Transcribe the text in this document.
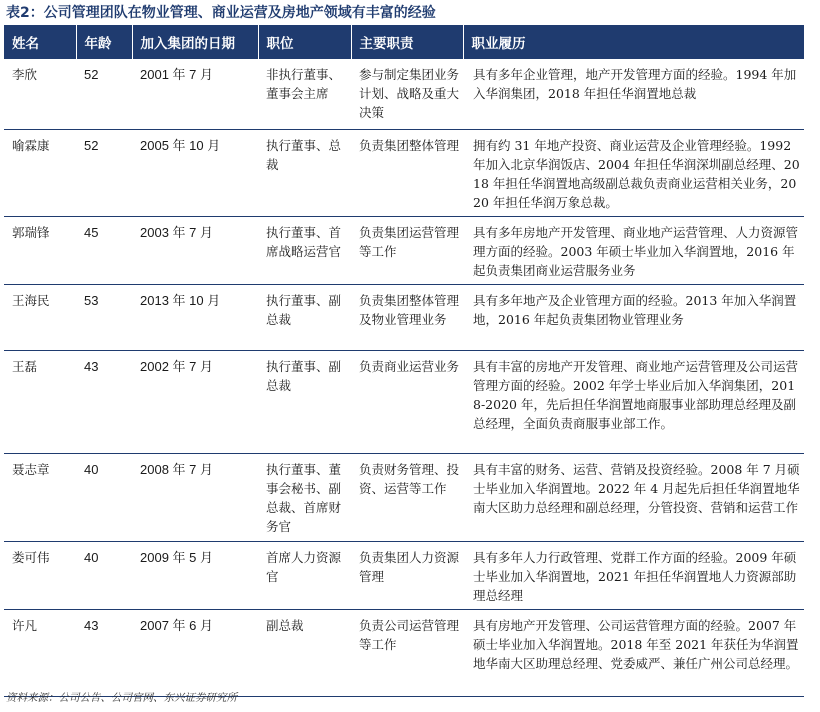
表2：公司管理团队在物业管理、商业运营及房地产领域有丰富的经验
姓名	年龄	加入集团的日期	职位	主要职责	职业履历
李欣	52	2001 年 7 月	非执行董事、董事会主席	参与制定集团业务计划、战略及重大决策	具有多年企业管理，地产开发管理方面的经验。1994 年加入华润集团，2018 年担任华润置地总裁
喻霖康	52	2005 年 10 月	执行董事、总裁	负责集团整体管理	拥有约 31 年地产投资、商业运营及企业管理经验。1992 年加入北京华润饭店、2004 年担任华润深圳副总经理、2018 年担任华润置地高级副总裁负责商业运营相关业务，2020 年担任华润万象总裁。
郭瑞锋	45	2003 年 7 月	执行董事、首席战略运营官	负责集团运营管理等工作	具有多年房地产开发管理、商业地产运营管理、人力资源管理方面的经验。2003 年硕士毕业加入华润置地，2016 年起负责集团商业运营服务业务
王海民	53	2013 年 10 月	执行董事、副总裁	负责集团整体管理及物业管理业务	具有多年地产及企业管理方面的经验。2013 年加入华润置地，2016 年起负责集团物业管理业务
王磊	43	2002 年 7 月	执行董事、副总裁	负责商业运营业务	具有丰富的房地产开发管理、商业地产运营管理及公司运营管理方面的经验。2002 年学士毕业后加入华润集团，2018-2020 年，先后担任华润置地商服事业部助理总经理及副总经理，全面负责商服事业部工作。
聂志章	40	2008 年 7 月	执行董事、董事会秘书、副总裁、首席财务官	负责财务管理、投资、运营等工作	具有丰富的财务、运营、营销及投资经验。2008 年 7 月硕士毕业加入华润置地。2022 年 4 月起先后担任华润置地华南大区助力总经理和副总经理，分管投资、营销和运营工作
娄可伟	40	2009 年 5 月	首席人力资源官	负责集团人力资源管理	具有多年人力行政管理、党群工作方面的经验。2009 年硕士毕业加入华润置地，2021 年担任华润置地人力资源部助理总经理
许凡	43	2007 年 6 月	副总裁	负责公司运营管理等工作	具有房地产开发管理、公司运营管理方面的经验。2007 年硕士毕业加入华润置地。2018 年至 2021 年获任为华润置地华南大区助理总经理、党委威严、兼任广州公司总经理。
资料来源：公司公告、公司官网、东兴证券研究所
